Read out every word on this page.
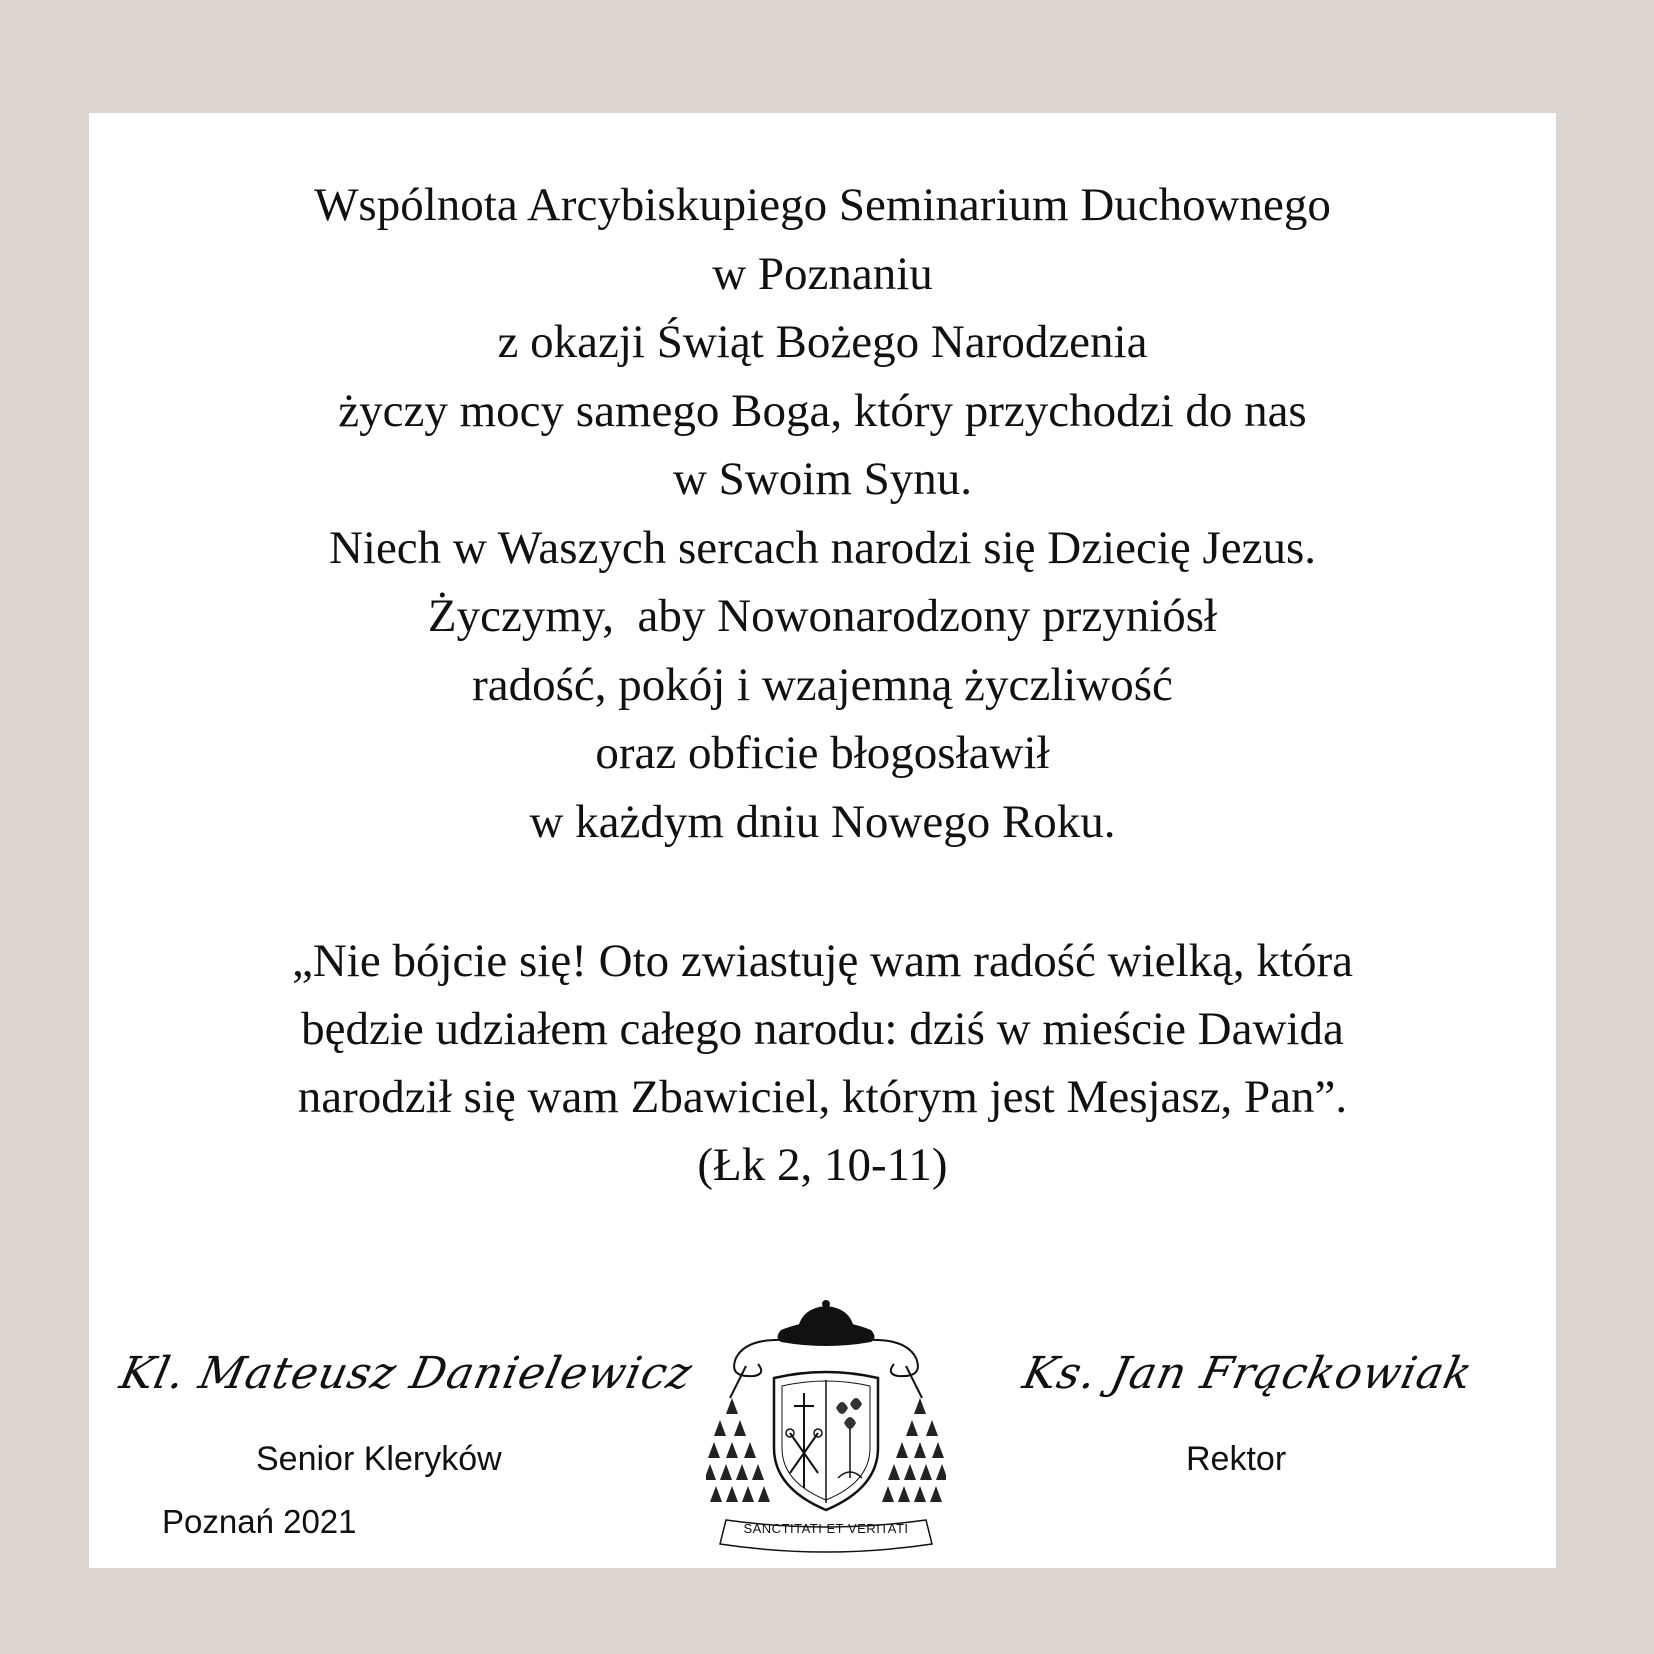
Wspólnota Arcybiskupiego Seminarium Duchownego
w Poznaniu
z okazji Świąt Bożego Narodzenia
życzy mocy samego Boga, który przychodzi do nas
w Swoim Synu.
Niech w Waszych sercach narodzi się Dziecię Jezus.
Życzymy,  aby Nowonarodzony przyniósł
radość, pokój i wzajemną życzliwość
oraz obficie błogosławił
w każdym dniu Nowego Roku.
„Nie bójcie się! Oto zwiastuję wam radość wielką, która
będzie udziałem całego narodu: dziś w mieście Dawida
narodził się wam Zbawiciel, którym jest Mesjasz, Pan”.
(Łk 2, 10-11)
Kl. Mateusz Danielewicz
Senior Kleryków
Ks. Jan Frąckowiak
Rektor
Poznań 2021	SANCTITATI ET VERITATI
